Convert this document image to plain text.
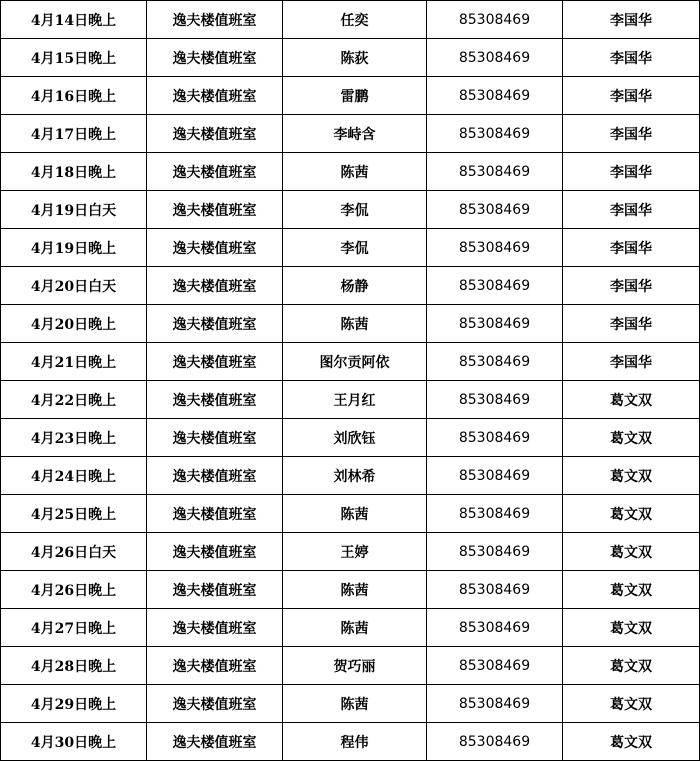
4月14日晚上	逸夫楼值班室	任奕	85308469	李国华
4月15日晚上	逸夫楼值班室	陈荻	85308469	李国华
4月16日晚上	逸夫楼值班室	雷鹏	85308469	李国华
4月17日晚上	逸夫楼值班室	李峙含	85308469	李国华
4月18日晚上	逸夫楼值班室	陈茜	85308469	李国华
4月19日白天	逸夫楼值班室	李侃	85308469	李国华
4月19日晚上	逸夫楼值班室	李侃	85308469	李国华
4月20日白天	逸夫楼值班室	杨静	85308469	李国华
4月20日晚上	逸夫楼值班室	陈茜	85308469	李国华
4月21日晚上	逸夫楼值班室	图尔贡阿依	85308469	李国华
4月22日晚上	逸夫楼值班室	王月红	85308469	葛文双
4月23日晚上	逸夫楼值班室	刘欣钰	85308469	葛文双
4月24日晚上	逸夫楼值班室	刘林希	85308469	葛文双
4月25日晚上	逸夫楼值班室	陈茜	85308469	葛文双
4月26日白天	逸夫楼值班室	王婷	85308469	葛文双
4月26日晚上	逸夫楼值班室	陈茜	85308469	葛文双
4月27日晚上	逸夫楼值班室	陈茜	85308469	葛文双
4月28日晚上	逸夫楼值班室	贺巧丽	85308469	葛文双
4月29日晚上	逸夫楼值班室	陈茜	85308469	葛文双
4月30日晚上	逸夫楼值班室	程伟	85308469	葛文双
